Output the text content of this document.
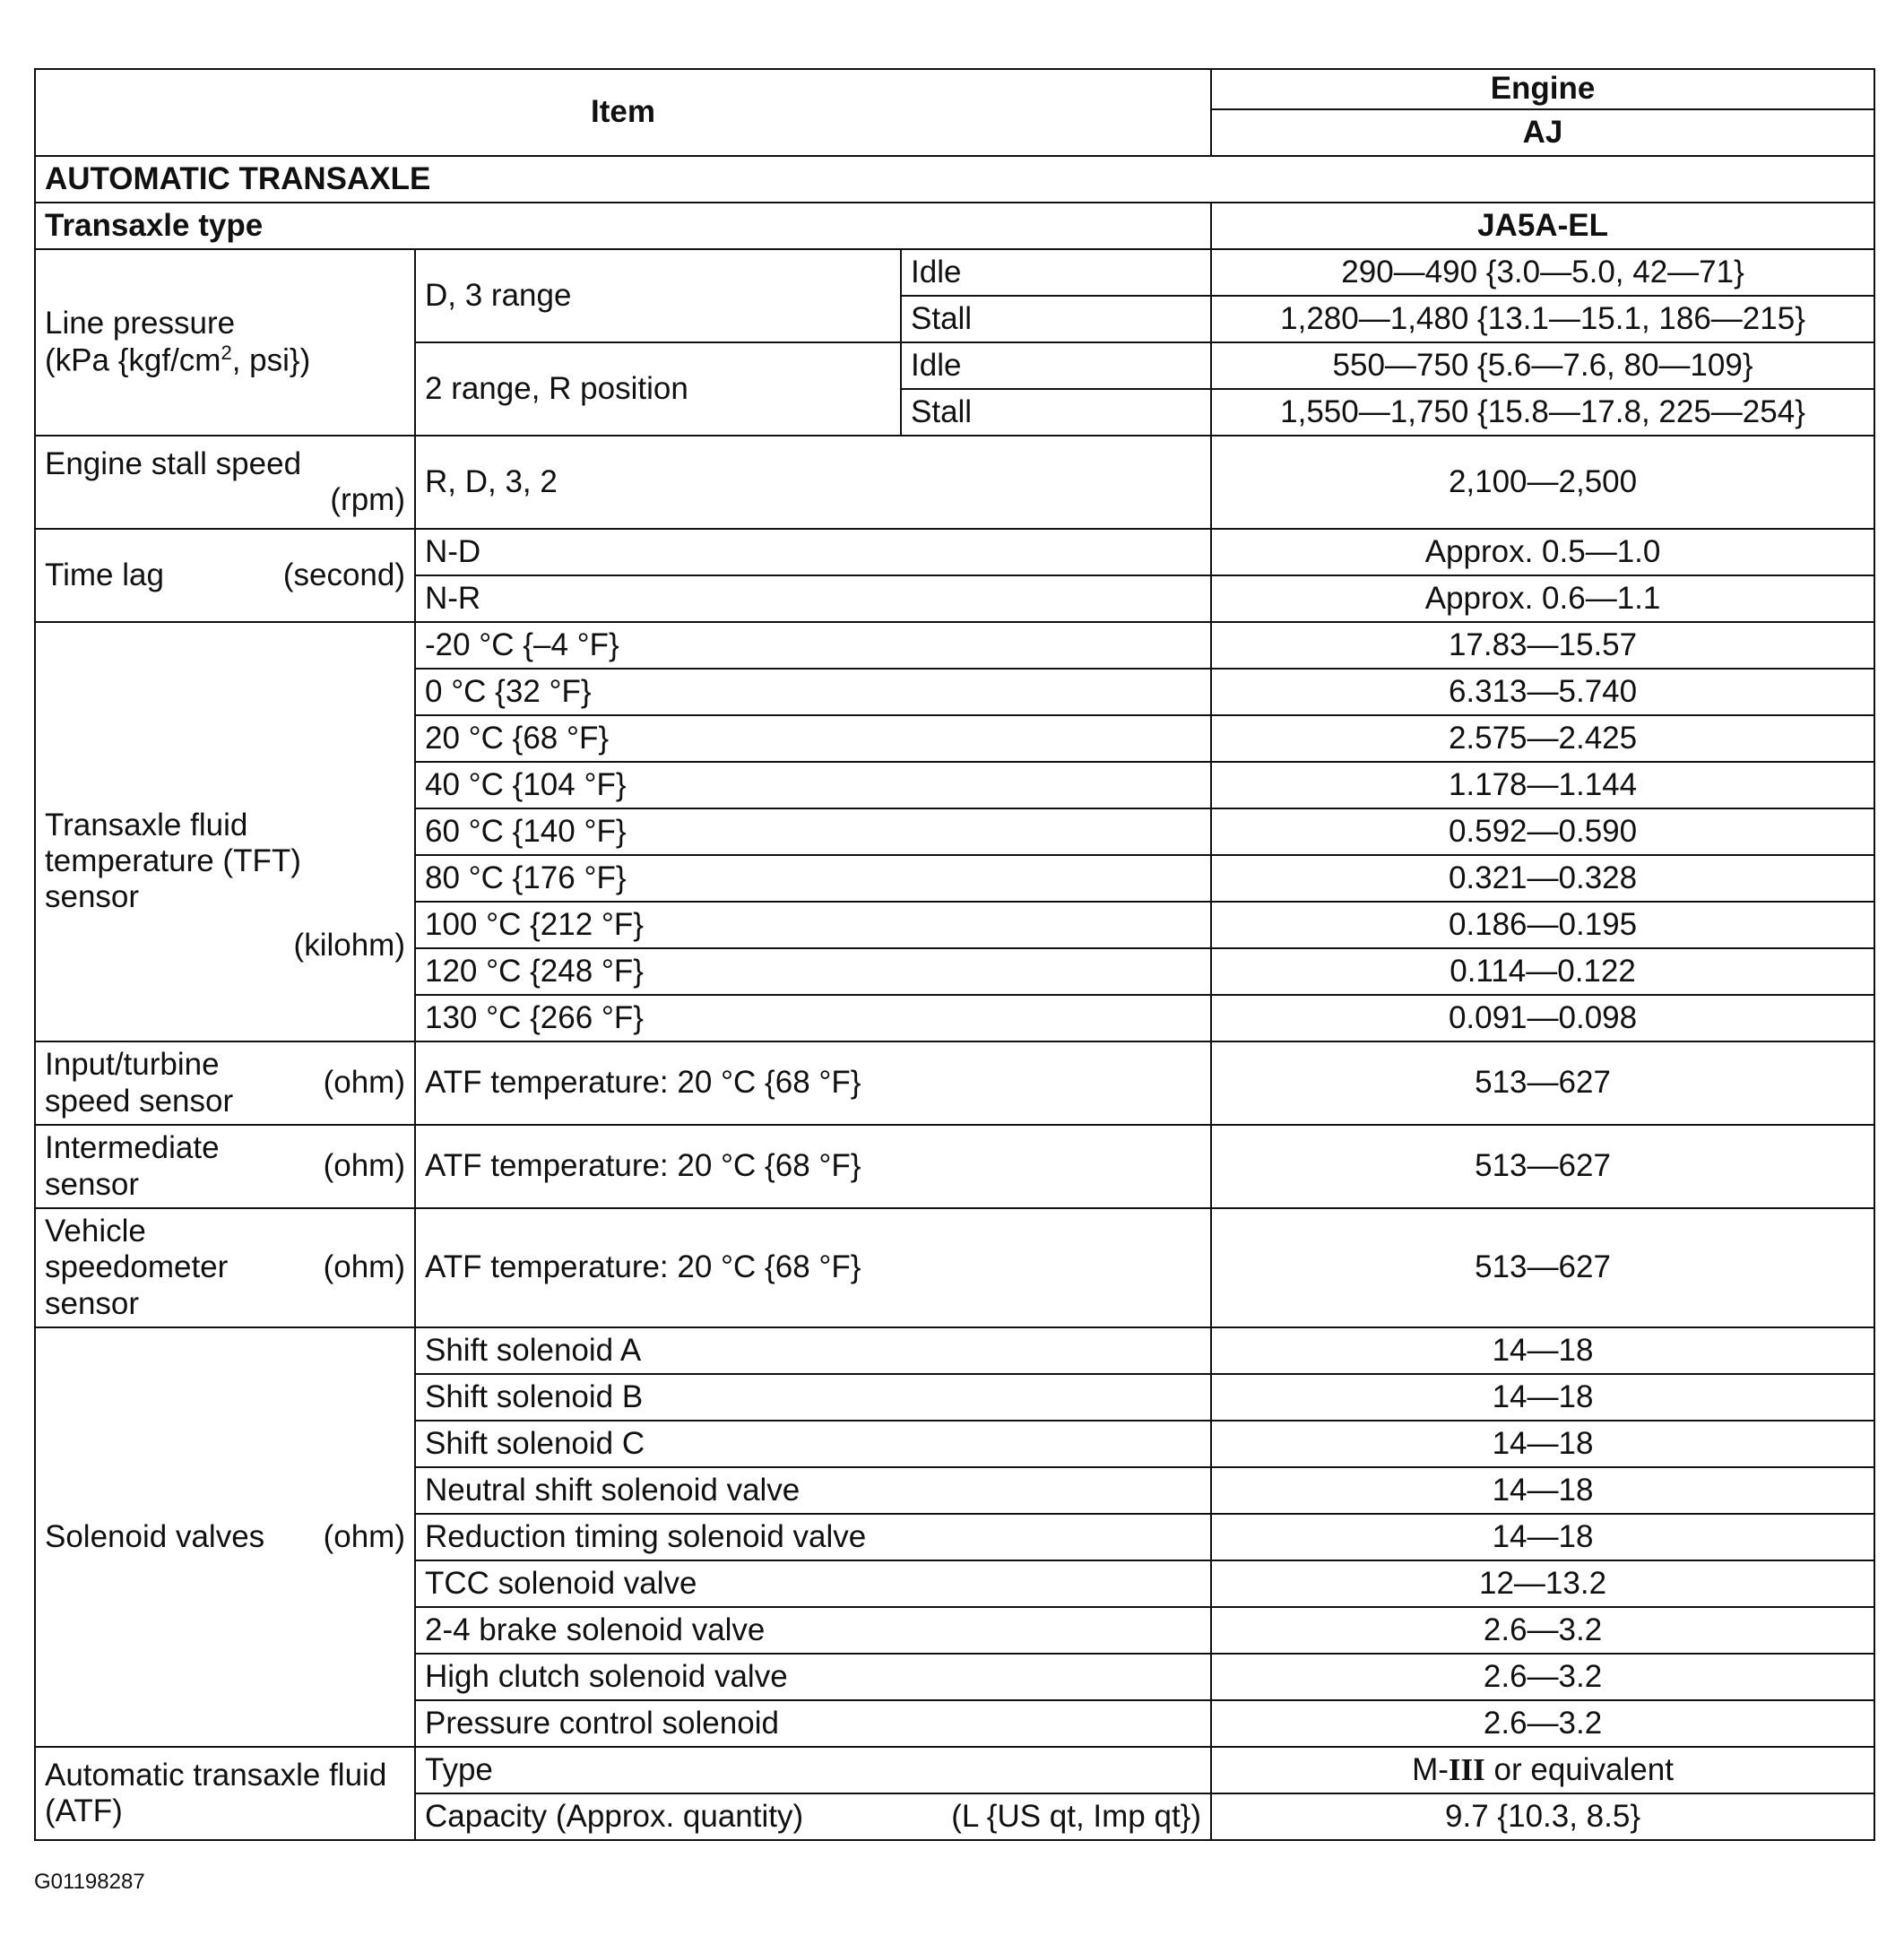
Item			Engine
			AJ
AUTOMATIC TRANSAXLE			
Transaxle type			JA5A-EL

Line pressure
(kPa {$kgf/cm^2$, psi})	D, 3 range	Idle	290—490 {3.0—5.0, 42—71}
		Stall	1,280—1,480 {13.1—15.1, 186—215}
	2 range, R position	Idle	550—750 {5.6—7.6, 80—109}
		Stall	1,550—1,750 {15.8—17.8, 225—254}

Engine stall speed
(rpm)	R, D, 3, 2		2,100—2,500

Time lag (second)	N-D		Approx. 0.5—1.0
	N-R		Approx. 0.6—1.1

Transaxle fluid
temperature (TFT)
sensor
(kilohm)	-20 °C {–4 °F}		17.83—15.57
	0 °C {32 °F}		6.313—5.740
	20 °C {68 °F}		2.575—2.425
	40 °C {104 °F}		1.178—1.144
	60 °C {140 °F}		0.592—0.590
	80 °C {176 °F}		0.321—0.328
	100 °C {212 °F}		0.186—0.195
	120 °C {248 °F}		0.114—0.122
	130 °C {266 °F}		0.091—0.098

Input/turbine
speed sensor
(ohm)	ATF temperature: 20 °C {68 °F}		513—627

Intermediate
sensor
(ohm)	ATF temperature: 20 °C {68 °F}		513—627

Vehicle
speedometer
sensor
(ohm)	ATF temperature: 20 °C {68 °F}		513—627

Solenoid valves (ohm)	Shift solenoid A		14—18
	Shift solenoid B		14—18
	Shift solenoid C		14—18
	Neutral shift solenoid valve		14—18
	Reduction timing solenoid valve		14—18
	TCC solenoid valve		12—13.2
	2-4 brake solenoid valve		2.6—3.2
	High clutch solenoid valve		2.6—3.2
	Pressure control solenoid		2.6—3.2

Automatic transaxle fluid
(ATF)	Type		M-III or equivalent

	Capacity (Approx. quantity) (L {US qt, Imp qt})		9.7 {10.3, 8.5}
G01198287
